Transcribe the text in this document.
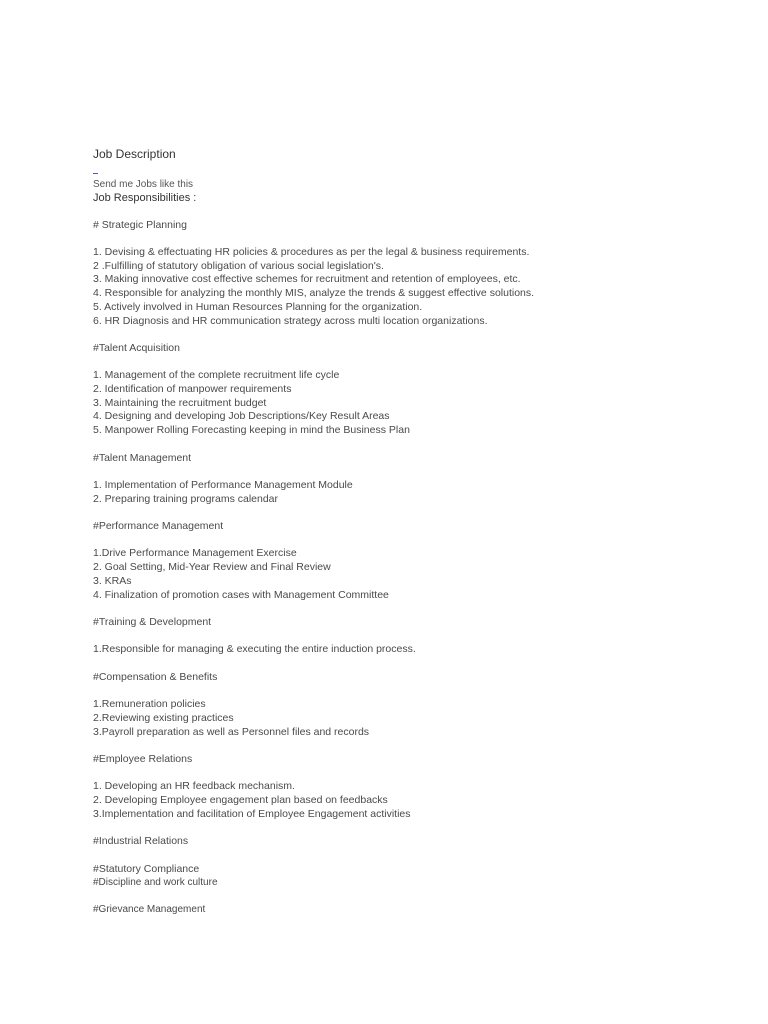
Job Description
Send me Jobs like this
Job Responsibilities :
# Strategic Planning
1. Devising & effectuating HR policies & procedures as per the legal & business requirements.
2 .Fulfilling of statutory obligation of various social legislation's.
3. Making innovative cost effective schemes for recruitment and retention of employees, etc.
4. Responsible for analyzing the monthly MIS, analyze the trends & suggest effective solutions.
5. Actively involved in Human Resources Planning for the organization.
6. HR Diagnosis and HR communication strategy across multi location organizations.
#Talent Acquisition
1. Management of the complete recruitment life cycle
2. Identification of manpower requirements
3. Maintaining the recruitment budget
4. Designing and developing Job Descriptions/Key Result Areas
5. Manpower Rolling Forecasting keeping in mind the Business Plan
#Talent Management
1. Implementation of Performance Management Module
2. Preparing training programs calendar
#Performance Management
1.Drive Performance Management Exercise
2. Goal Setting, Mid-Year Review and Final Review
3. KRAs
4. Finalization of promotion cases with Management Committee
#Training & Development
1.Responsible for managing & executing the entire induction process.
#Compensation & Benefits
1.Remuneration policies
2.Reviewing existing practices
3.Payroll preparation as well as Personnel files and records
#Employee Relations
1. Developing an HR feedback mechanism.
2. Developing Employee engagement plan based on feedbacks
3.Implementation and facilitation of Employee Engagement activities
#Industrial Relations
#Statutory Compliance
#Discipline and work culture
#Grievance Management
